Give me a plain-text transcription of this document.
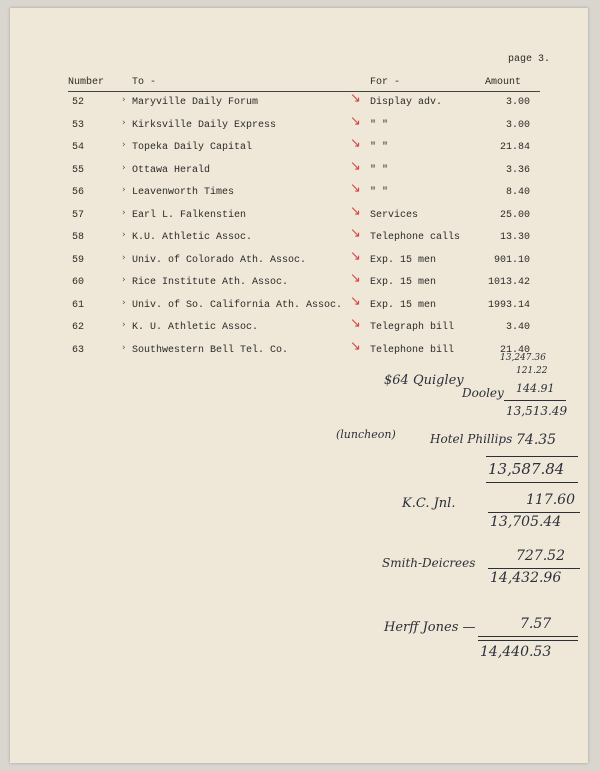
page 3.
Number	To -	For -	Amount
52	› Maryville Daily Forum	↘ Display adv.	3.00
53	› Kirksville Daily Express	↘ " "	3.00
54	› Topeka Daily Capital	↘ " "	21.84
55	› Ottawa Herald	↘ " "	3.36
56	› Leavenworth Times	↘ " "	8.40
57	› Earl L. Falkenstien	↘ Services	25.00
58	› K.U. Athletic Assoc.	↘ Telephone calls	13.30
59	› Univ. of Colorado Ath. Assoc.	↘ Exp. 15 men	901.10
60	› Rice Institute Ath. Assoc.	↘ Exp. 15 men	1013.42
61	› Univ. of So. California Ath. Assoc. ↘ Exp. 15 men	1993.14
62	› K. U. Athletic Assoc.	↘ Telegraph bill	3.40
63	› Southwestern Bell Tel. Co.	↘ Telephone bill	21.40
$64 Quigley
13,247.36
121.22
Dooley 144.91
13,513.49
(luncheon)	Hotel Phillips 74.35
13,587.84
K.C. Jnl.	117.60
13,705.44
Smith-Deicrees	727.52
14,432.96
Herff Jones —	7.57
14,440.53
